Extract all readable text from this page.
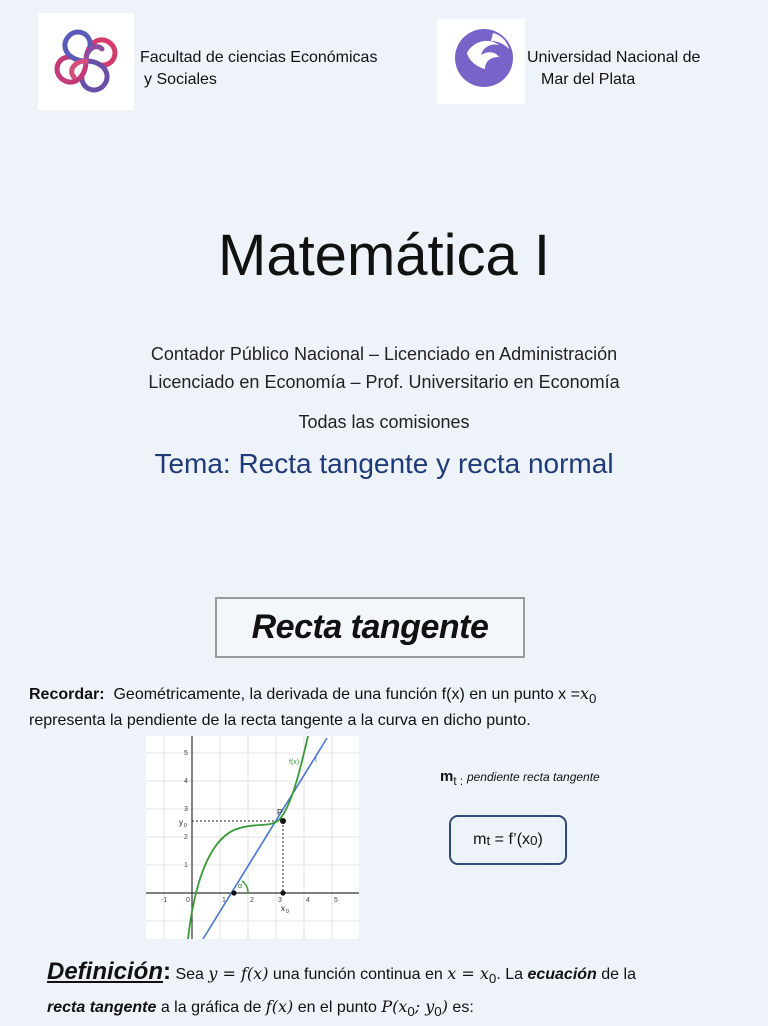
Facultad de ciencias Económicas
y Sociales
Universidad Nacional de
Mar del Plata
Matemática I
Contador Público Nacional – Licenciado en Administración
Licenciado en Economía – Prof. Universitario en Economía
Todas las comisiones
Tema: Recta tangente y recta normal
Recta tangente
Recordar: Geométricamente, la derivada de una función f(x) en un punto $x =x_0$
representa la pendiente de la recta tangente a la curva en dicho punto.
-1	0	1	2	3	4	5
5
4
3
2
1
α
P
y 0
x 0
f(x) t
$m_{t :}$ pendiente recta tangente
m t = f’(x 0 )
Definición: Sea y = f(x) una función continua en $x = x_0$. La ecuación de la
recta tangente a la gráfica de f(x) en el punto $P(x_0$; $y_0$) es:
